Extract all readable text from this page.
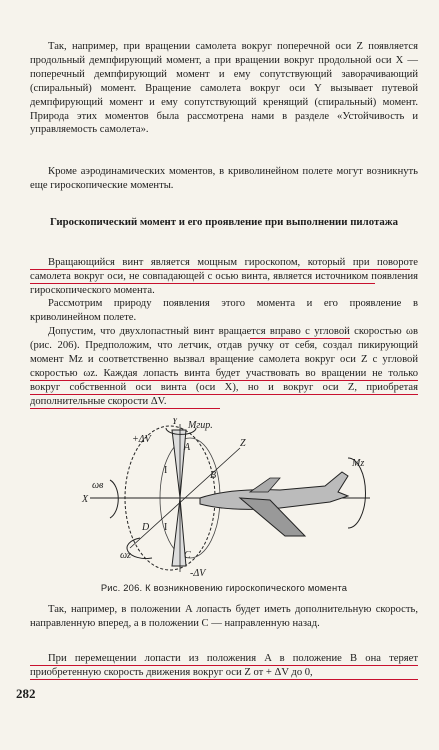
Так, например, при вращении самолета вокруг поперечной оси Z появляется продольный демпфирующий момент, а при вращении вокруг продольной оси X — поперечный демпфирующий момент и ему сопутствующий заворачивающий (спиральный) момент. Вращение самолета вокруг оси Y вызывает путевой демпфирующий момент и ему сопутствующий кренящий (спиральный) момент. Природа этих моментов была рассмотрена нами в разделе «Устойчивость и управляемость самолета».

Кроме аэродинамических моментов, в криволинейном полете могут возникнуть еще гироскопические моменты.

Гироскопический момент и его проявление при выполнении пилотажа

Вращающийся винт является мощным гироскопом, который при повороте самолета вокруг оси, не совпадающей с осью винта, является источником появления гироскопического момента.

Рассмотрим природу появления этого момента и его проявление в криволинейном полете.

Допустим, что двухлопастный винт вращается вправо с угловой скоростью ωв (рис. 206). Предположим, что летчик, отдав ручку от себя, создал пикирующий момент Mz и соответственно вызвал вращение самолета вокруг оси Z с угловой скоростью ωz. Каждая лопасть винта будет участвовать во вращении не только вокруг собственной оси винта (оси X), но и вокруг оси Z, приобретая дополнительные скорости ΔV.

Mгир.
Mz
+ΔV
-ΔV
ωв
ωz
A
B
C
D
X
Y
Z
I
I
Рис. 206. К возникновению гироскопического момента

Так, например, в положении A лопасть будет иметь дополнительную скорость, направленную вперед, а в положении C — направленную назад.

При перемещении лопасти из положения A в положение B она теряет приобретенную скорость движения вокруг оси Z от + ΔV до 0,

282
